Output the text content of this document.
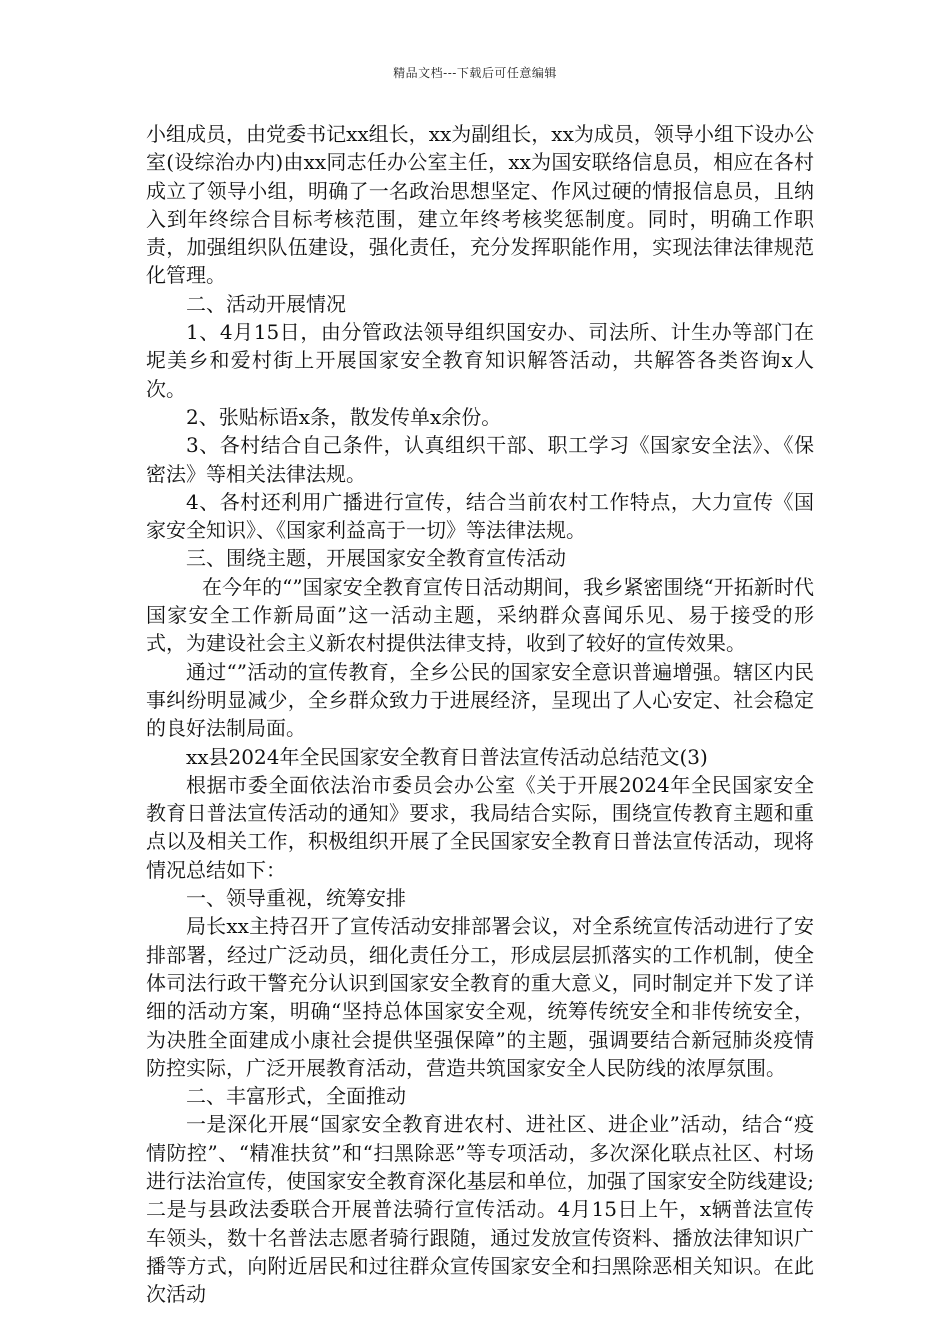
精品文档---下载后可任意编辑

小组成员，由党委书记xx组长，xx为副组长，xx为成员，领导小组下设办公室(设综治办内)由xx同志任办公室主任，xx为国安联络信息员，相应在各村成立了领导小组，明确了一名政治思想坚定、作风过硬的情报信息员，且纳入到年终综合目标考核范围，建立年终考核奖惩制度。同时，明确工作职责，加强组织队伍建设，强化责任，充分发挥职能作用，实现法律法律规范化管理。

二、活动开展情况

1、4月15日，由分管政法领导组织国安办、司法所、计生办等部门在坭美乡和爱村街上开展国家安全教育知识解答活动，共解答各类咨询x人次。

2、张贴标语x条，散发传单x余份。

3、各村结合自己条件，认真组织干部、职工学习《国家安全法》、《保密法》等相关法律法规。

4、各村还利用广播进行宣传，结合当前农村工作特点，大力宣传《国家安全知识》、《国家利益高于一切》等法律法规。

三、围绕主题，开展国家安全教育宣传活动

在今年的“”国家安全教育宣传日活动期间，我乡紧密围绕“开拓新时代国家安全工作新局面”这一活动主题，采纳群众喜闻乐见、易于接受的形式，为建设社会主义新农村提供法律支持，收到了较好的宣传效果。

通过“”活动的宣传教育，全乡公民的国家安全意识普遍增强。辖区内民事纠纷明显减少，全乡群众致力于进展经济，呈现出了人心安定、社会稳定的良好法制局面。

xx县2024年全民国家安全教育日普法宣传活动总结范文(3)

根据市委全面依法治市委员会办公室《关于开展2024年全民国家安全教育日普法宣传活动的通知》要求，我局结合实际，围绕宣传教育主题和重点以及相关工作，积极组织开展了全民国家安全教育日普法宣传活动，现将情况总结如下：

一、领导重视，统筹安排

局长xx主持召开了宣传活动安排部署会议，对全系统宣传活动进行了安排部署，经过广泛动员，细化责任分工，形成层层抓落实的工作机制，使全体司法行政干警充分认识到国家安全教育的重大意义，同时制定并下发了详细的活动方案，明确“坚持总体国家安全观，统筹传统安全和非传统安全，为决胜全面建成小康社会提供坚强保障”的主题，强调要结合新冠肺炎疫情防控实际，广泛开展教育活动，营造共筑国家安全人民防线的浓厚氛围。

二、丰富形式，全面推动

一是深化开展“国家安全教育进农村、进社区、进企业”活动，结合“疫情防控”、“精准扶贫”和“扫黑除恶”等专项活动，多次深化联点社区、村场进行法治宣传，使国家安全教育深化基层和单位，加强了国家安全防线建设;二是与县政法委联合开展普法骑行宣传活动。4月15日上午，x辆普法宣传车领头，数十名普法志愿者骑行跟随，通过发放宣传资料、播放法律知识广播等方式，向附近居民和过往群众宣传国家安全和扫黑除恶相关知识。在此次活动
